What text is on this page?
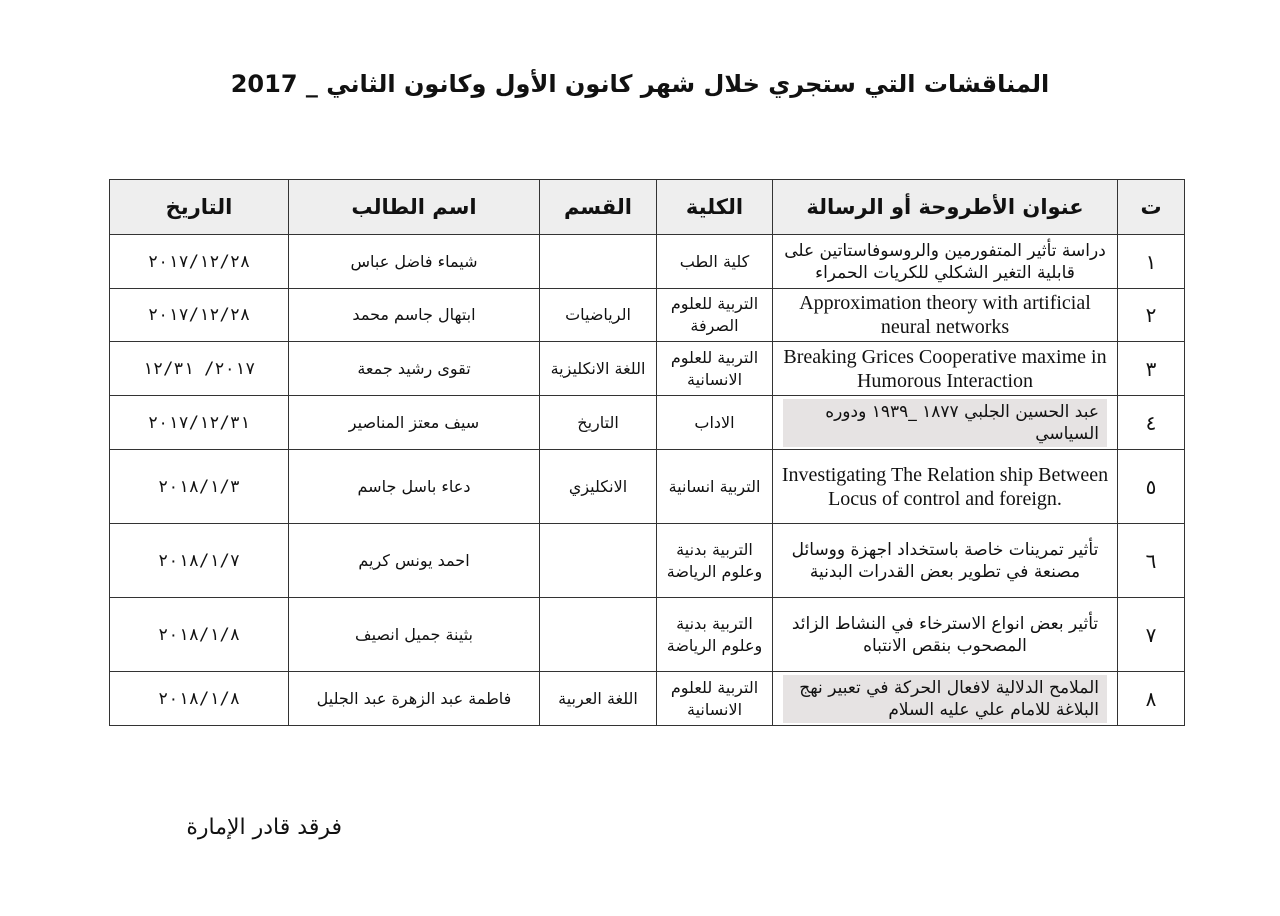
المناقشات التي ستجري خلال شهر كانون الأول وكانون الثاني _ 2017
ت	عنوان الأطروحة أو الرسالة	الكلية	القسم	اسم الطالب	التاريخ
١	دراسة تأثير المتفورمين والروسوفاستاتين على قابلية التغير الشكلي للكريات الحمراء	كلية الطب		شيماء فاضل عباس	٢٠١٧/١٢/٢٨
٢	Approximation theory with artificial neural networks	التربية للعلوم الصرفة	الرياضيات	ابتهال جاسم محمد	٢٠١٧/١٢/٢٨
٣	Breaking Grices Cooperative maxime in Humorous Interaction	التربية للعلوم الانسانية	اللغة الانكليزية	تقوى رشيد جمعة	٢٠١٧/ ١٢/٣١
٤	عبد الحسين الجلبي ١٨٧٧ _١٩٣٩ ودوره السياسي	الاداب	التاريخ	سيف معتز المناصير	٢٠١٧/١٢/٣١
٥	Investigating The Relation ship Between Locus of control and foreign.	التربية انسانية	الانكليزي	دعاء باسل جاسم	٢٠١٨/١/٣
٦	تأثير تمرينات خاصة باستخداد اجهزة ووسائل مصنعة في تطوير بعض القدرات البدنية	التربية بدنية وعلوم الرياضة		احمد يونس كريم	٢٠١٨/١/٧
٧	تأثير بعض انواع الاسترخاء في النشاط الزائد المصحوب بنقص الانتباه	التربية بدنية وعلوم الرياضة		بثينة جميل انصيف	٢٠١٨/١/٨
٨	الملامح الدلالية لافعال الحركة في تعبير نهج البلاغة للامام علي عليه السلام	التربية للعلوم الانسانية	اللغة العربية	فاطمة عبد الزهرة عبد الجليل	٢٠١٨/١/٨
فرقد قادر الإمارة
